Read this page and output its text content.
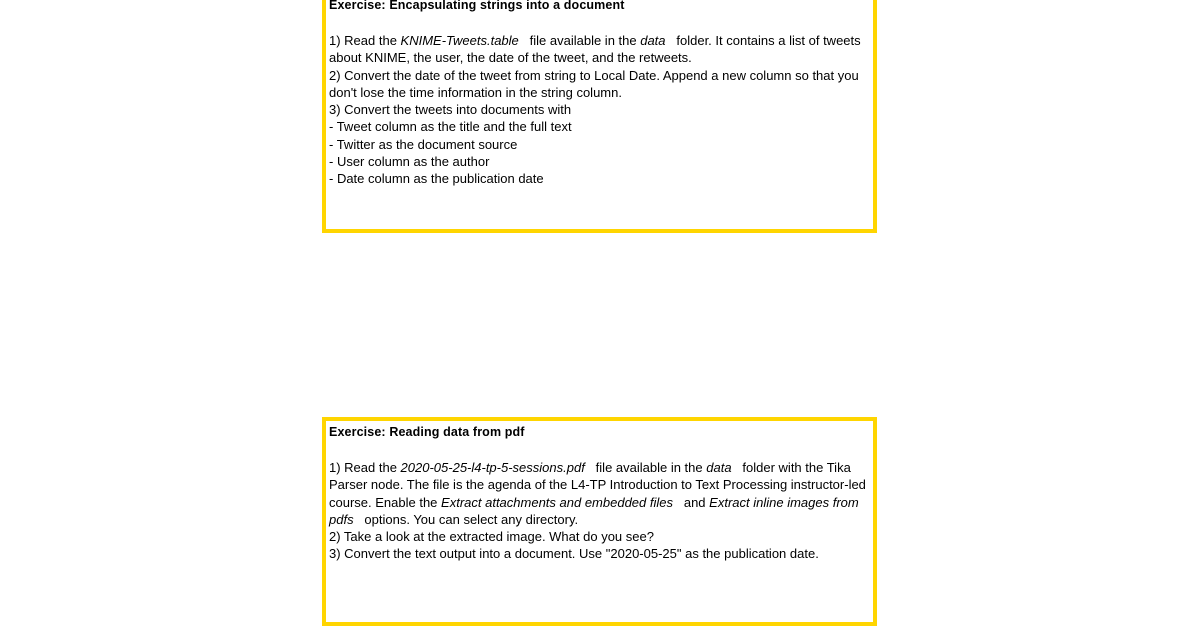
Exercise: Encapsulating strings into a document
1) Read the KNIME-Tweets.table file available in the data folder. It contains a list of tweets about KNIME, the user, the date of the tweet, and the retweets.
2) Convert the date of the tweet from string to Local Date. Append a new column so that you don't lose the time information in the string column.
3) Convert the tweets into documents with
- Tweet column as the title and the full text
- Twitter as the document source
- User column as the author
- Date column as the publication date
Exercise: Reading data from pdf
1) Read the 2020-05-25-l4-tp-5-sessions.pdf file available in the data folder with the Tika Parser node. The file is the agenda of the L4-TP Introduction to Text Processing instructor-led course. Enable the Extract attachments and embedded files and Extract inline images from pdfs options. You can select any directory.
2) Take a look at the extracted image. What do you see?
3) Convert the text output into a document. Use "2020-05-25" as the publication date.
